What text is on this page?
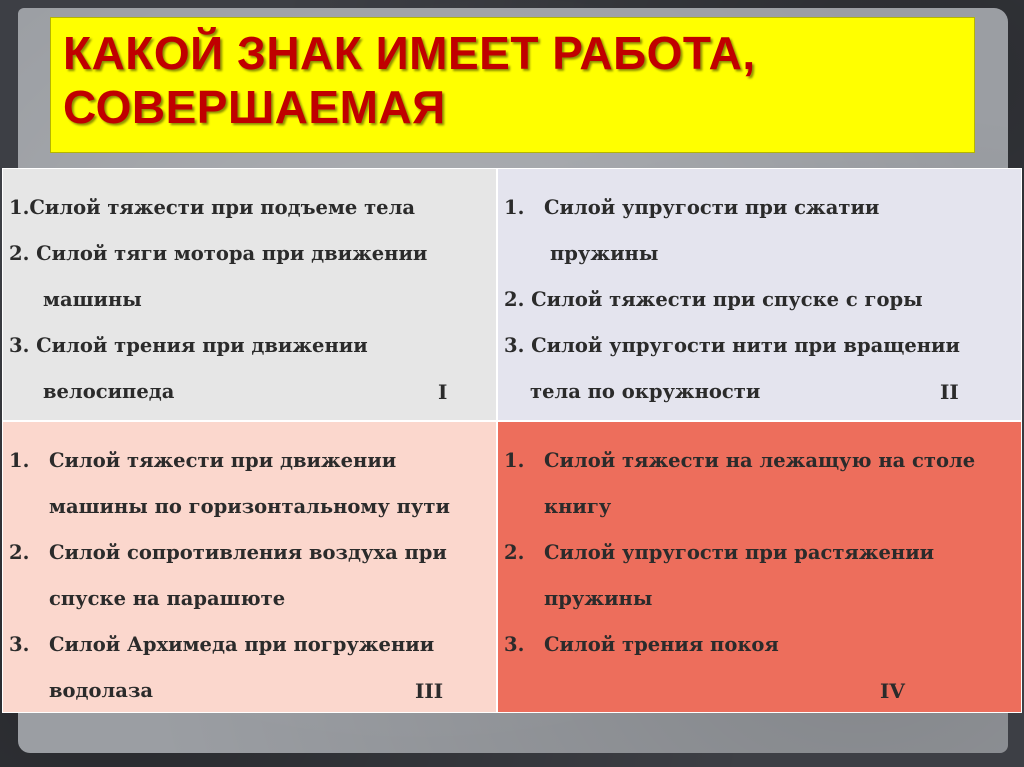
КАКОЙ ЗНАК ИМЕЕТ РАБОТА,
СОВЕРШАЕМАЯ
1.Силой тяжести при подъеме тела
2. Силой тяги мотора при движении
машины
3. Силой трения при движении
велосипеда	I
1.	Силой упругости при сжатии
пружины
2. Силой тяжести при спуске с горы
3. Силой упругости нити при вращении
тела по окружности	II
1.	Силой тяжести при движении
машины по горизонтальному пути
2.	Силой сопротивления воздуха при
спуске на парашюте
3.	Силой Архимеда при погружении
водолаза	III
1.	Силой тяжести на лежащую на столе
книгу
2.	Силой упругости при растяжении
пружины
3.	Силой трения покоя
IV
